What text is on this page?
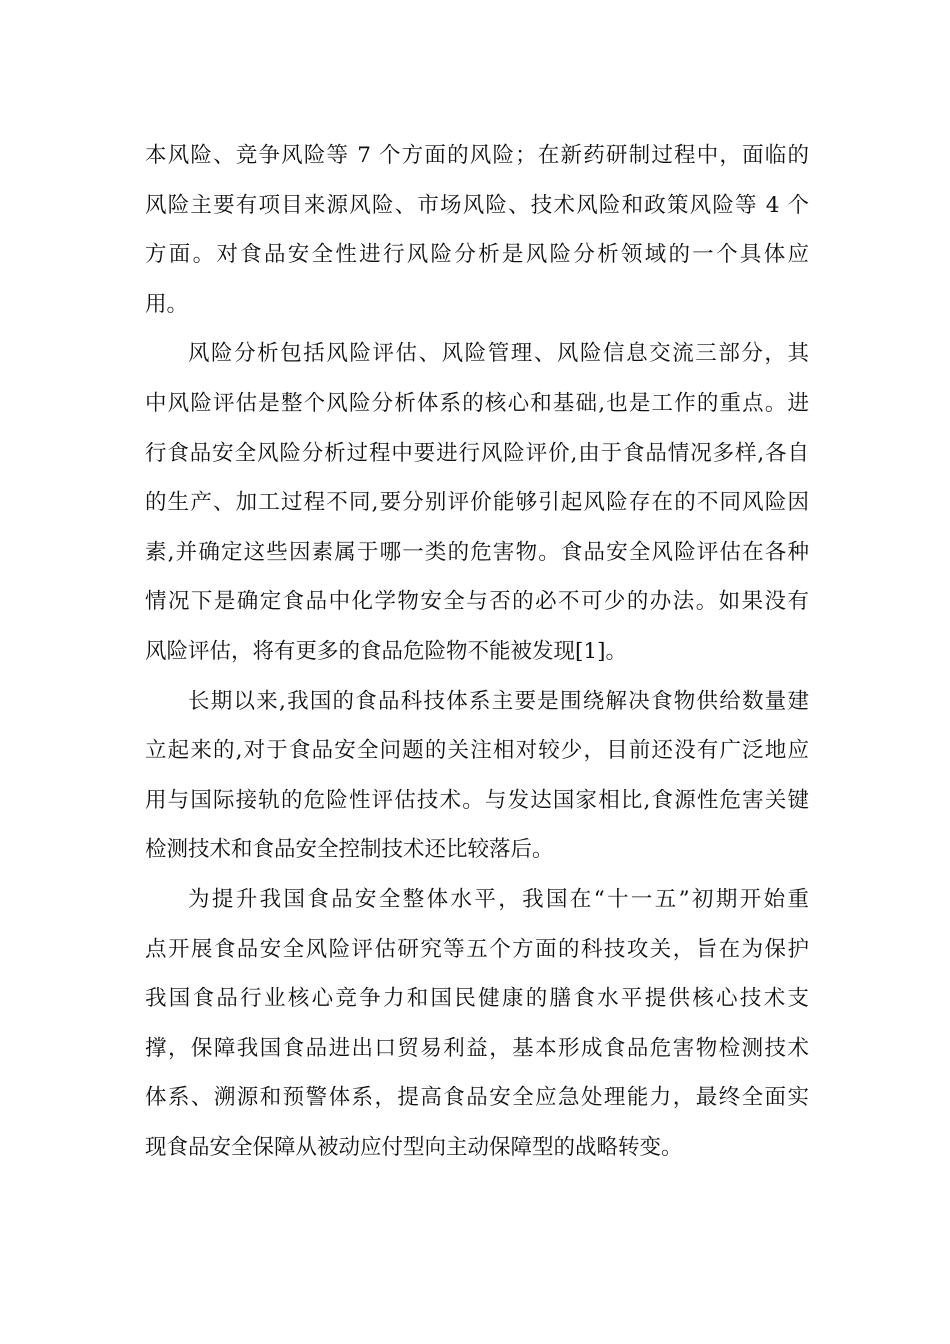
本风险、竞争风险等 7 个方面的风险；在新药研制过程中，面临的
风险主要有项目来源风险、市场风险、技术风险和政策风险等 4 个
方面。对食品安全性进行风险分析是风险分析领域的一个具体应
用。
风险分析包括风险评估、风险管理、风险信息交流三部分，其
中风险评估是整个风险分析体系的核心和基础,也是工作的重点。进
行食品安全风险分析过程中要进行风险评价,由于食品情况多样,各自
的生产、加工过程不同,要分别评价能够引起风险存在的不同风险因
素,并确定这些因素属于哪一类的危害物。食品安全风险评估在各种
情况下是确定食品中化学物安全与否的必不可少的办法。如果没有
风险评估，将有更多的食品危险物不能被发现[1]。
长期以来,我国的食品科技体系主要是围绕解决食物供给数量建
立起来的,对于食品安全问题的关注相对较少，目前还没有广泛地应
用与国际接轨的危险性评估技术。与发达国家相比,食源性危害关键
检测技术和食品安全控制技术还比较落后。
为提升我国食品安全整体水平，我国在“十一五”初期开始重
点开展食品安全风险评估研究等五个方面的科技攻关，旨在为保护
我国食品行业核心竞争力和国民健康的膳食水平提供核心技术支
撑，保障我国食品进出口贸易利益，基本形成食品危害物检测技术
体系、溯源和预警体系，提高食品安全应急处理能力，最终全面实
现食品安全保障从被动应付型向主动保障型的战略转变。
